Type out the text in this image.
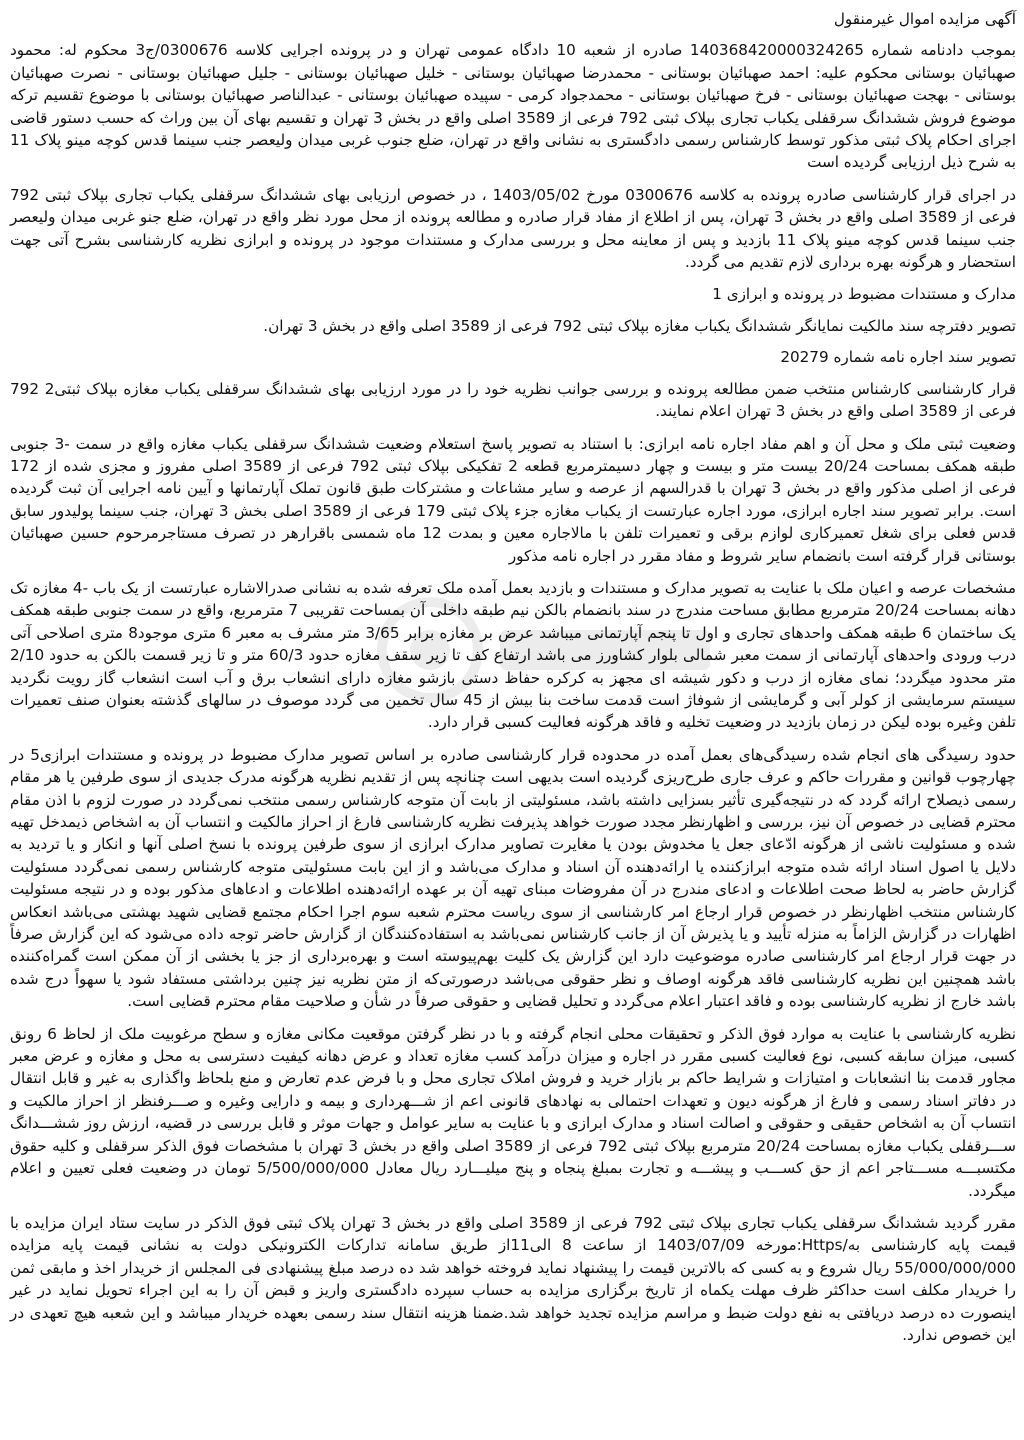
آگهی مزایده اموال غیرمنقول

بموجب دادنامه شماره 140368420000324265 صادره از شعبه 10 دادگاه عمومی تهران و در پرونده اجرایی کلاسه 0300676/ج3 محکوم له: محمود صهبائیان بوستانی محکوم علیه: احمد صهبائیان بوستانی - محمدرضا صهبائیان بوستانی - خلیل صهبائیان بوستانی - جلیل صهبائیان بوستانی - نصرت صهبائیان بوستانی - بهجت صهبائیان بوستانی - فرخ صهبائیان بوستانی - محمدجواد کرمی - سپیده صهبائیان بوستانی - عبدالناصر صهبائیان بوستانی با موضوع تقسیم ترکه موضوع فروش ششدانگ سرقفلی یکباب تجاری بپلاک ثبتی 792 فرعی از 3589 اصلی واقع در بخش 3 تهران و تقسیم بهای آن بین وراث که حسب دستور قاضی اجرای احکام پلاک ثبتی مذکور توسط کارشناس رسمی دادگستری به نشانی واقع در تهران، ضلع جنوب غربی میدان ولیعصر جنب سینما قدس کوچه مینو پلاک 11 به شرح ذیل ارزیابی گردیده است

در اجرای قرار کارشناسی صادره پرونده به کلاسه 0300676 مورخ 1403/05/02 ، در خصوص ارزیابی بهای ششدانگ سرقفلی یکباب تجاری بپلاک ثبتی 792 فرعی از 3589 اصلی واقع در بخش 3 تهران، پس از اطلاع از مفاد قرار صادره و مطالعه پرونده از محل مورد نظر واقع در تهران، ضلع جنو غربی میدان ولیعصر جنب سینما قدس کوچه مینو پلاک 11 بازدید و پس از معاینه محل و بررسی مدارک و مستندات موجود در پرونده و ابرازی نظریه کارشناسی بشرح آتی جهت استحضار و هرگونه بهره برداری لازم تقدیم می گردد.

مدارک و مستندات مضبوط در پرونده و ابرازی 1

تصویر دفترچه سند مالکیت نمایانگر ششدانگ یکباب مغازه بپلاک ثبتی 792 فرعی از 3589 اصلی واقع در بخش 3 تهران.

تصویر سند اجاره نامه شماره 20279

قرار کارشناسی کارشناس منتخب ضمن مطالعه پرونده و بررسی جوانب نظریه خود را در مورد ارزیابی بهای ششدانگ سرقفلی یکباب مغازه بپلاک ثبتی2 792 فرعی از 3589 اصلی واقع در بخش 3 تهران اعلام نمایند.

وضعیت ثبتی ملک و محل آن و اهم مفاد اجاره نامه ابرازی: با استناد به تصویر پاسخ استعلام وضعیت ششدانگ سرقفلی یکباب مغازه واقع در سمت -3 جنوبی طبقه همکف بمساحت 20/24 بیست متر و بیست و چهار دسیمترمربع قطعه 2 تفکیکی بپلاک ثبتی 792 فرعی از 3589 اصلی مفروز و مجزی شده از 172 فرعی از اصلی مذکور واقع در بخش 3 تهران با قدرالسهم از عرصه و سایر مشاعات و مشترکات طبق قانون تملک آپارتمانها و آیین نامه اجرایی آن ثبت گردیده است. برابر تصویر سند اجاره ابرازی، مورد اجاره عبارتست از یکباب مغازه جزء پلاک ثبتی 179 فرعی از 3589 اصلی بخش 3 تهران، جنب سینما پولیدور سابق قدس فعلی برای شغل تعمیرکاری لوازم برقی و تعمیرات تلفن با مالاجاره معین و بمدت 12 ماه شمسی باقرارهر در تصرف مستاجرمرحوم حسین صهبائیان بوستانی قرار گرفته است بانضمام سایر شروط و مفاد مقرر در اجاره نامه مذکور

مشخصات عرصه و اعیان ملک با عنایت به تصویر مدارک و مستندات و بازدید بعمل آمده ملک تعرفه شده به نشانی صدرالاشاره عبارتست از یک باب -4 مغازه تک دهانه بمساحت 20/24 مترمربع مطابق مساحت مندرج در سند بانضمام بالکن نیم طبقه داخلی آن بمساحت تقریبی 7 مترمربع، واقع در سمت جنوبی طبقه همکف یک ساختمان 6 طبقه همکف واحدهای تجاری و اول تا پنجم آپارتمانی میباشد عرض بر مغازه برابر 3/65 متر مشرف به معبر 6 متری موجود8 متری اصلاحی آتی درب ورودی واحدهای آپارتمانی از سمت معبر شمالی بلوار کشاورز می باشد ارتفاع کف تا زیر سقف مغازه حدود 60/3 متر و تا زیر قسمت بالکن به حدود 2/10 متر محدود میگردد؛ نمای مغازه از درب و دکور شیشه ای مجهز به کرکره حفاظ دستی بازشو مغازه دارای انشعاب برق و آب است انشعاب گاز رویت نگردید سیستم سرمایشی از کولر آبی و گرمایشی از شوفاژ است قدمت ساخت بنا بیش از 45 سال تخمین می گردد موصوف در سالهای گذشته بعنوان صنف تعمیرات تلفن وغیره بوده لیکن در زمان بازدید در وضعیت تخلیه و فاقد هرگونه فعالیت کسبی قرار دارد.

حدود رسیدگی های انجام شده رسیدگی‌های بعمل آمده در محدوده قرار کارشناسی صادره بر اساس تصویر مدارک مضبوط در پرونده و مستندات ابرازی5 در چهارچوب قوانین و مقررات حاکم و عرف جاری طرح‌ریزی گردیده است بدیهی است چنانچه پس از تقدیم نظریه هرگونه مدرک جدیدی از سوی طرفین یا هر مقام رسمی ذیصلاح ارائه گردد که در نتیجه‌گیری تأثیر بسزایی داشته باشد، مسئولیتی از بابت آن متوجه کارشناس رسمی منتخب نمی‌گردد در صورت لزوم با اذن مقام محترم قضایی در خصوص آن نیز، بررسی و اظهارنظر مجدد صورت خواهد پذیرفت نظریه کارشناسی فارغ از احراز مالکیت و انتساب آن به اشخاص ذیمدخل تهیه شده و مسئولیت ناشی از هرگونه ادّعای جعل یا مخدوش بودن یا مغایرت تصاویر مدارک ابرازی از سوی طرفین پرونده با نسخ اصلی آنها و انکار و یا تردید به دلایل یا اصول اسناد ارائه شده متوجه ابرازکننده یا ارائه‌دهنده آن اسناد و مدارک می‌باشد و از این بابت مسئولیتی متوجه کارشناس رسمی نمی‌گردد مسئولیت گزارش حاضر به لحاظ صحت اطلاعات و ادعای مندرج در آن مفروضات مبنای تهیه آن بر عهده ارائه‌دهنده اطلاعات و ادعاهای مذکور بوده و در نتیجه مسئولیت کارشناس منتخب اظهارنظر در خصوص قرار ارجاع امر کارشناسی از سوی ریاست محترم شعبه سوم اجرا احکام مجتمع قضایی شهید بهشتی می‌باشد انعکاس اظهارات در گزارش الزاماً به منزله تأیید و یا پذیرش آن از جانب کارشناس نمی‌باشد به استفاده‌کنندگان از گزارش حاضر توجه داده می‌شود که این گزارش صرفاً در جهت قرار ارجاع امر کارشناسی صادره موضوعیت دارد این گزارش یک کلیت بهم‌پیوسته است و بهره‌برداری از جز یا بخشی از آن ممکن است گمراه‌کننده باشد همچنین این نظریه کارشناسی فاقد هرگونه اوصاف و نظر حقوقی می‌باشد درصورتی‌که از متن نظریه نیز چنین برداشتی مستفاد شود یا سهواً درج شده باشد خارج از نظریه کارشناسی بوده و فاقد اعتبار اعلام می‌گردد و تحلیل قضایی و حقوقی صرفاً در شأن و صلاحیت مقام محترم قضایی است.

نظریه کارشناسی با عنایت به موارد فوق الذکر و تحقیقات محلی انجام گرفته و با در نظر گرفتن موقعیت مکانی مغازه و سطح مرغوبیت ملک از لحاظ 6 رونق کسبی، میزان سابقه کسبی، نوع فعالیت کسبی مقرر در اجاره و میزان درآمد کسب مغازه تعداد و عرض دهانه کیفیت دسترسی به محل و مغازه و عرض معبر مجاور قدمت بنا انشعابات و امتیازات و شرایط حاکم بر بازار خرید و فروش املاک تجاری محل و با فرض عدم تعارض و منع بلحاظ واگذاری به غیر و قابل انتقال در دفاتر اسناد رسمی و فارغ از هرگونه دیون و تعهدات احتمالی به نهادهای قانونی اعم از شـــهرداری و بیمه و دارایی وغیره و صـــرفنظر از احراز مالکیت و انتساب آن به اشخاص حقیقی و حقوقی و اصالت اسناد و مدارک ابرازی و با عنایت به سایر عوامل و جهات موثر و قابل بررسی در قضیه، ارزش روز ششـــدانگ ســـرقفلی یکباب مغازه بمساحت 20/24 مترمربع بپلاک ثبتی 792 فرعی از 3589 اصلی واقع در بخش 3 تهران با مشخصات فوق الذکر سرقفلی و کلیه حقوق مکتسبـــه مســـتاجر اعم از حق کســـب و پیشـــه و تجارت بمبلغ پنجاه و پنج میلیـــارد ریال معادل 5/500/000/000 تومان در وضعیت فعلی تعیین و اعلام میگردد.

مقرر گردید ششدانگ سرقفلی یکباب تجاری بپلاک ثبتی 792 فرعی از 3589 اصلی واقع در بخش 3 تهران پلاک ثبتی فوق الذکر در سایت ستاد ایران مزایده با قیمت پایه کارشناسی به/Https:مورخه 1403/07/09 از ساعت 8 الی11از طریق سامانه تدارکات الکترونیکی دولت به نشانی قیمت پایه مزایده 55/000/000/000 ریال شروع و به کسی که بالاترین قیمت را پیشنهاد نماید فروخته خواهد شد ده درصد مبلغ پیشنهادی فی المجلس از خریدار اخذ و مابقی ثمن را خریدار مکلف است حداکثر ظرف مهلت یکماه از تاریخ برگزاری مزایده به حساب سپرده دادگستری واریز و قبض آن را به این اجراء تحویل نماید در غیر اینصورت ده درصد دریافتی به نفع دولت ضبط و مراسم مزایده تجدید خواهد شد.ضمنا هزینه انتقال سند رسمی بعهده خریدار میباشد و این شعبه هیچ تعهدی در این خصوص ندارد.
